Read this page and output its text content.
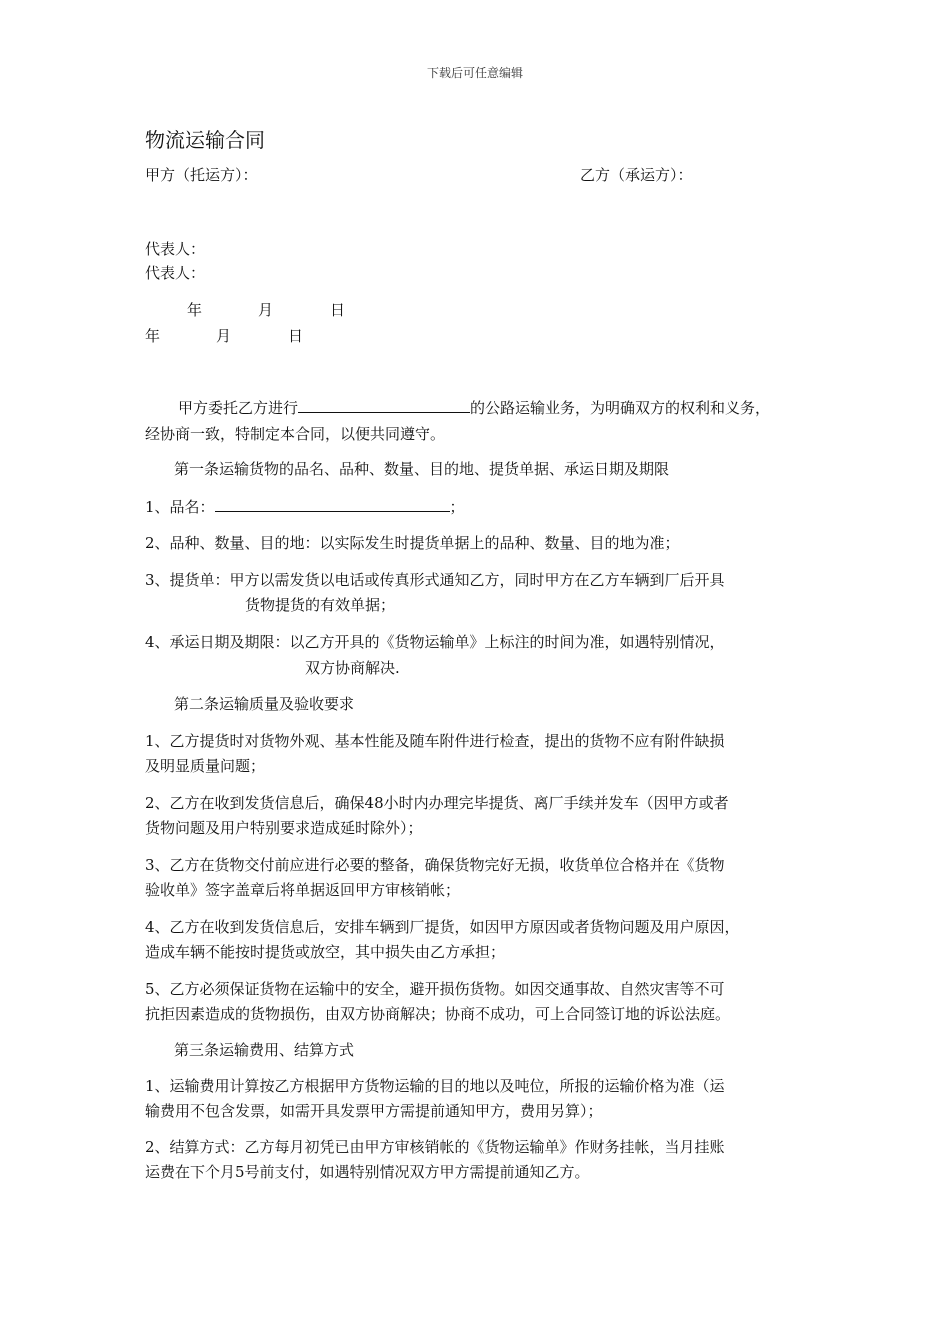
下载后可任意编辑
物流运输合同
甲方（托运方）：	乙方（承运方）：
代表人：
代表人：
年	月	日
年	月	日
甲方委托乙方进行	的公路运输业务，为明确双方的权利和义务，
经协商一致，特制定本合同，以便共同遵守。
第一条运输货物的品名、品种、数量、目的地、提货单据、承运日期及期限
1、品名：	；
2、品种、数量、目的地：以实际发生时提货单据上的品种、数量、目的地为准；
3、提货单：甲方以需发货以电话或传真形式通知乙方，同时甲方在乙方车辆到厂后开具
货物提货的有效单据；
4、承运日期及期限：以乙方开具的《货物运输单》上标注的时间为准，如遇特别情况，
双方协商解决.
第二条运输质量及验收要求
1、乙方提货时对货物外观、基本性能及随车附件进行检查，提出的货物不应有附件缺损
及明显质量问题；
2、乙方在收到发货信息后，确保48小时内办理完毕提货、离厂手续并发车（因甲方或者
货物问题及用户特别要求造成延时除外）；
3、乙方在货物交付前应进行必要的整备，确保货物完好无损，收货单位合格并在《货物
验收单》签字盖章后将单据返回甲方审核销帐；
4、乙方在收到发货信息后，安排车辆到厂提货，如因甲方原因或者货物问题及用户原因，
造成车辆不能按时提货或放空，其中损失由乙方承担；
5、乙方必须保证货物在运输中的安全，避开损伤货物。如因交通事故、自然灾害等不可
抗拒因素造成的货物损伤，由双方协商解决；协商不成功，可上合同签订地的诉讼法庭。
第三条运输费用、结算方式
1、运输费用计算按乙方根据甲方货物运输的目的地以及吨位，所报的运输价格为准（运
输费用不包含发票，如需开具发票甲方需提前通知甲方，费用另算）；
2、结算方式：乙方每月初凭已由甲方审核销帐的《货物运输单》作财务挂帐，当月挂账
运费在下个月5号前支付，如遇特别情况双方甲方需提前通知乙方。
